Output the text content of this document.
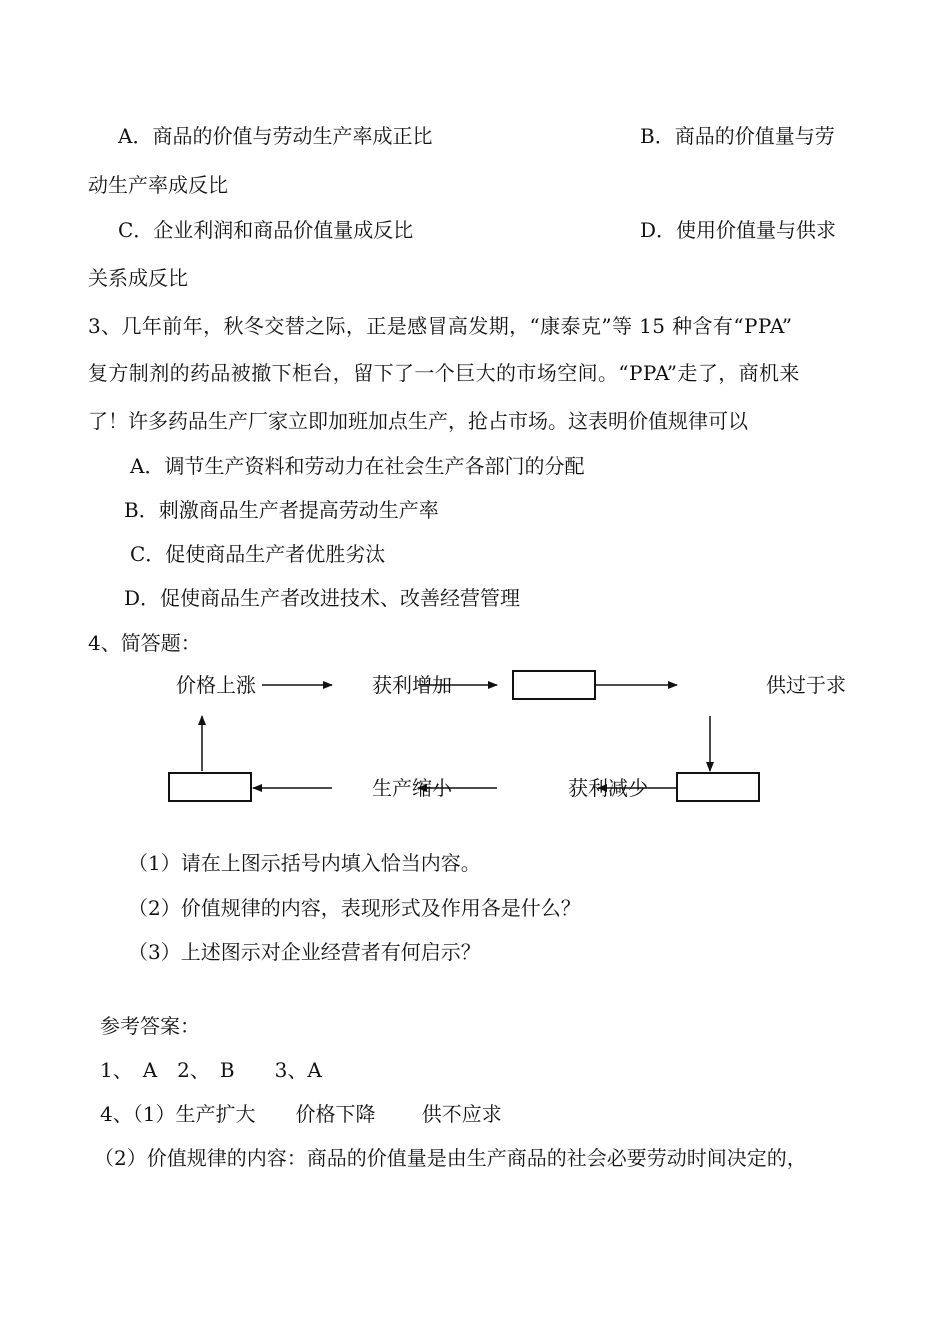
A．商品的价值与劳动生产率成正比	B．商品的价值量与劳
动生产率成反比
C．企业利润和商品价值量成反比	D．使用价值量与供求
关系成反比
3、几年前年，秋冬交替之际，正是感冒高发期，“康泰克”等 15 种含有“PPA”
复方制剂的药品被撤下柜台，留下了一个巨大的市场空间。“PPA”走了，商机来
了！许多药品生产厂家立即加班加点生产，抢占市场。这表明价值规律可以
A．调节生产资料和劳动力在社会生产各部门的分配
B．刺激商品生产者提高劳动生产率
C．促使商品生产者优胜劣汰
D．促使商品生产者改进技术、改善经营管理
4、简答题：
价格上涨	获利增加	供过于求
生产缩小	获利减少
（1）请在上图示括号内填入恰当内容。
（2）价值规律的内容，表现形式及作用各是什么？
（3）上述图示对企业经营者有何启示？
参考答案：
1、　A　2、　B　　3、A
4、（1）生产扩大　　价格下降　　 供不应求
（2）价值规律的内容：商品的价值量是由生产商品的社会必要劳动时间决定的，
